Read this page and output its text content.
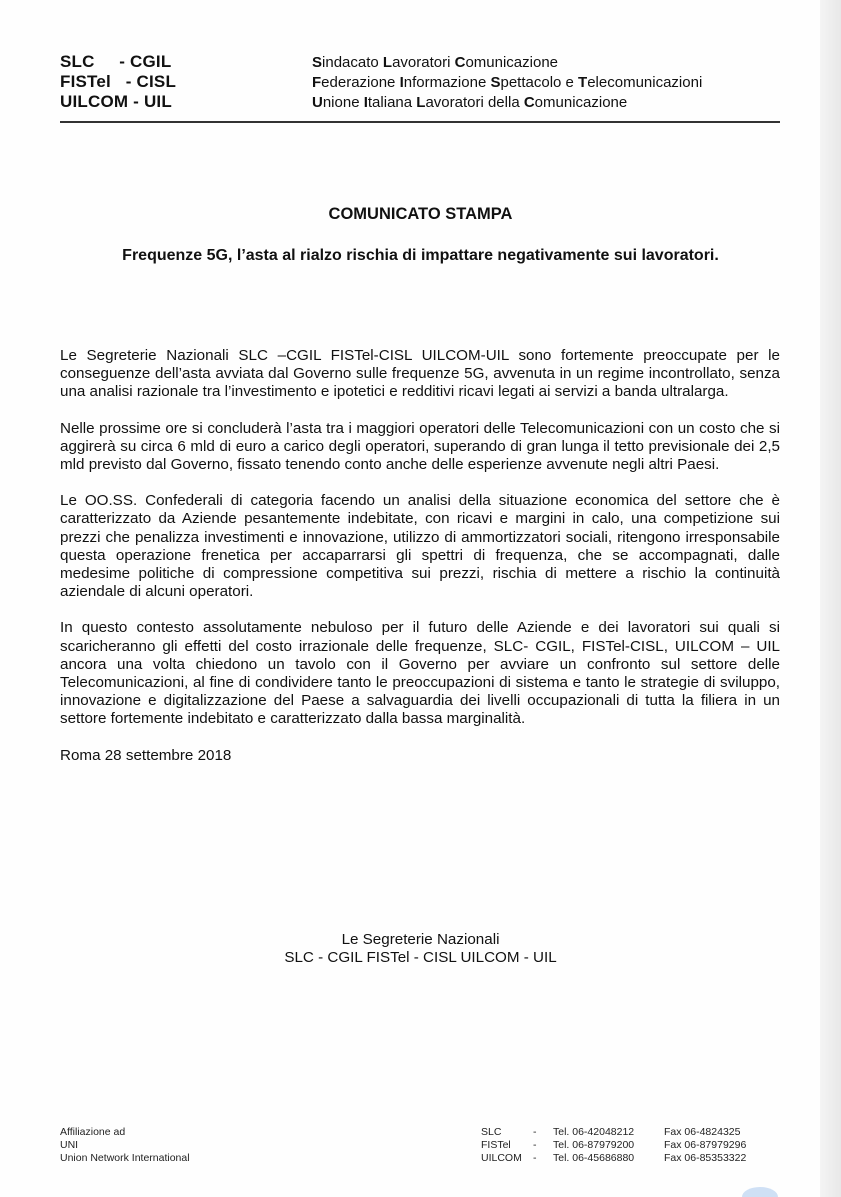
SLC     - CGIL	Sindacato Lavoratori Comunicazione
FISTel   - CISL	Federazione Informazione Spettacolo e Telecomunicazioni
UILCOM - UIL	Unione Italiana Lavoratori della Comunicazione
COMUNICATO STAMPA
Frequenze 5G, l’asta al rialzo rischia di impattare negativamente sui lavoratori.

Le Segreterie Nazionali SLC –CGIL FISTel-CISL UILCOM-UIL sono fortemente preoccupate per le conseguenze dell’asta avviata dal Governo sulle frequenze 5G, avvenuta in un regime incontrollato, senza una analisi razionale tra l’investimento e ipotetici e redditivi ricavi legati ai servizi a banda ultralarga.

Nelle prossime ore si concluderà l’asta tra i maggiori operatori delle Telecomunicazioni con un costo che si aggirerà su circa 6 mld di euro a carico degli operatori, superando di gran lunga il tetto previsionale dei 2,5 mld previsto dal Governo, fissato tenendo conto anche delle esperienze avvenute negli altri Paesi.

Le OO.SS. Confederali di categoria facendo un analisi della situazione economica del settore che è caratterizzato da Aziende pesantemente indebitate, con ricavi e margini in calo, una competizione sui prezzi che penalizza investimenti e innovazione, utilizzo di ammortizzatori sociali, ritengono irresponsabile questa operazione frenetica per accaparrarsi gli spettri di frequenza, che se accompagnati, dalle medesime politiche di compressione competitiva sui prezzi, rischia di mettere a rischio la continuità aziendale di alcuni operatori.

In questo contesto assolutamente nebuloso per il futuro delle Aziende e dei lavoratori sui quali si scaricheranno gli effetti del costo irrazionale delle frequenze, SLC- CGIL, FISTel-CISL, UILCOM – UIL ancora una volta chiedono un tavolo con il Governo per avviare un confronto sul settore delle Telecomunicazioni, al fine di condividere tanto le preoccupazioni di sistema e tanto le strategie di sviluppo, innovazione e digitalizzazione del Paese a salvaguardia dei livelli occupazionali di tutta la filiera in un settore fortemente indebitato e caratterizzato dalla bassa marginalità.

Roma 28 settembre 2018

Le Segreterie Nazionali
SLC - CGIL FISTel - CISL UILCOM - UIL
Affiliazione ad
UNI
Union Network International
SLC	-	Tel. 06-42048212	Fax 06-4824325
FISTel	-	Tel. 06-87979200	Fax 06-87979296
UILCOM	-	Tel. 06-45686880	Fax 06-85353322
